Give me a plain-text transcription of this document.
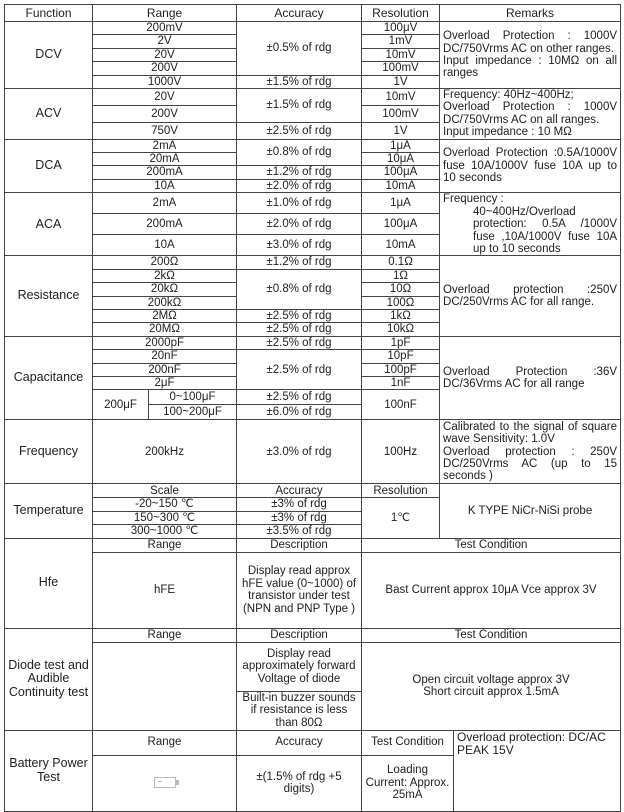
Function	Range		Accuracy	Resolution	Remarks	
DCV	200mV		±0.5% of rdg	100μV	Overload Protection : 1000V DC/750Vrms AC on other ranges.
Input impedance : 10MΩ on all ranges	

	2V			1mV		
	20V			10mV		
	200V			100mV		
	1000V		±1.5% of rdg	1V		
ACV	20V		±1.5% of rdg	10mV	Frequency: 40Hz~400Hz;
Overload Protection : 1000V DC/750Vrms AC on all ranges.
Input impedance : 10 MΩ	

	200V			100mV		
	750V		±2.5% of rdg	1V		
DCA	2mA		±0.8% of rdg	1μA	Overload Protection :0.5A/1000V fuse 10A/1000V fuse 10A up to 10 seconds	
	20mA			10μA		
	200mA		±1.2% of rdg	100μA		
	10A		±2.0% of rdg	10mA		
ACA	2mA		±1.0% of rdg	1μA	Frequency :
40~400Hz/Overload protection: 0.5A /1000V fuse ,10A/1000V fuse 10A up to 10 seconds	

	200mA		±2.0% of rdg	100μA		
	10A		±3.0% of rdg	10mA		
Resistance	200Ω		±1.2% of rdg	0.1Ω	Overload protection :250V DC/250Vrms AC for all range.	
	2kΩ		±0.8% of rdg	1Ω		
	20kΩ			10Ω		
	200kΩ			100Ω		
	2MΩ		±2.5% of rdg	1kΩ		
	20MΩ		±2.5% of rdg	10kΩ		
Capacitance	2000pF		±2.5% of rdg	1pF	Overload Protection :36V DC/36Vrms AC for all range	
	20nF		±2.5% of rdg	10pF		
	200nF			100pF		
	2μF			1nF		
	200μF	0~100μF	±2.5% of rdg	100nF		
		100~200μF	±6.0% of rdg			
Frequency	200kHz		±3.0% of rdg	100Hz	Calibrated to the signal of square wave Sensitivity: 1.0V
Overload protection : 250V DC/250Vrms AC (up to 15 seconds )	

Temperature	Scale		Accuracy	Resolution	K TYPE NiCr-NiSi probe	
	-20~150 ℃		±3% of rdg	1℃		
	150~300 ℃		±3% of rdg			
	300~1000 ℃		±3.5% of rdg			
Hfe	Range		Description	Test Condition		
	hFE		Display read approx hFE value (0~1000) of transistor under test (NPN and PNP Type )	Bast Current approx 10μA Vce approx 3V		
Diode test and Audible Continuity test	Range		Description	Test Condition		
			Display read approximately forward Voltage of diode	Open circuit voltage approx 3V
Short circuit approx 1.5mA		

			Built-in buzzer sounds if resistance is less than 80Ω			
Battery Power Test	Range		Accuracy	Test Condition		Overload protection: DC/AC PEAK 15V
			±(1.5% of rdg +5 digits)	Loading Current: Approx. 25mA		
